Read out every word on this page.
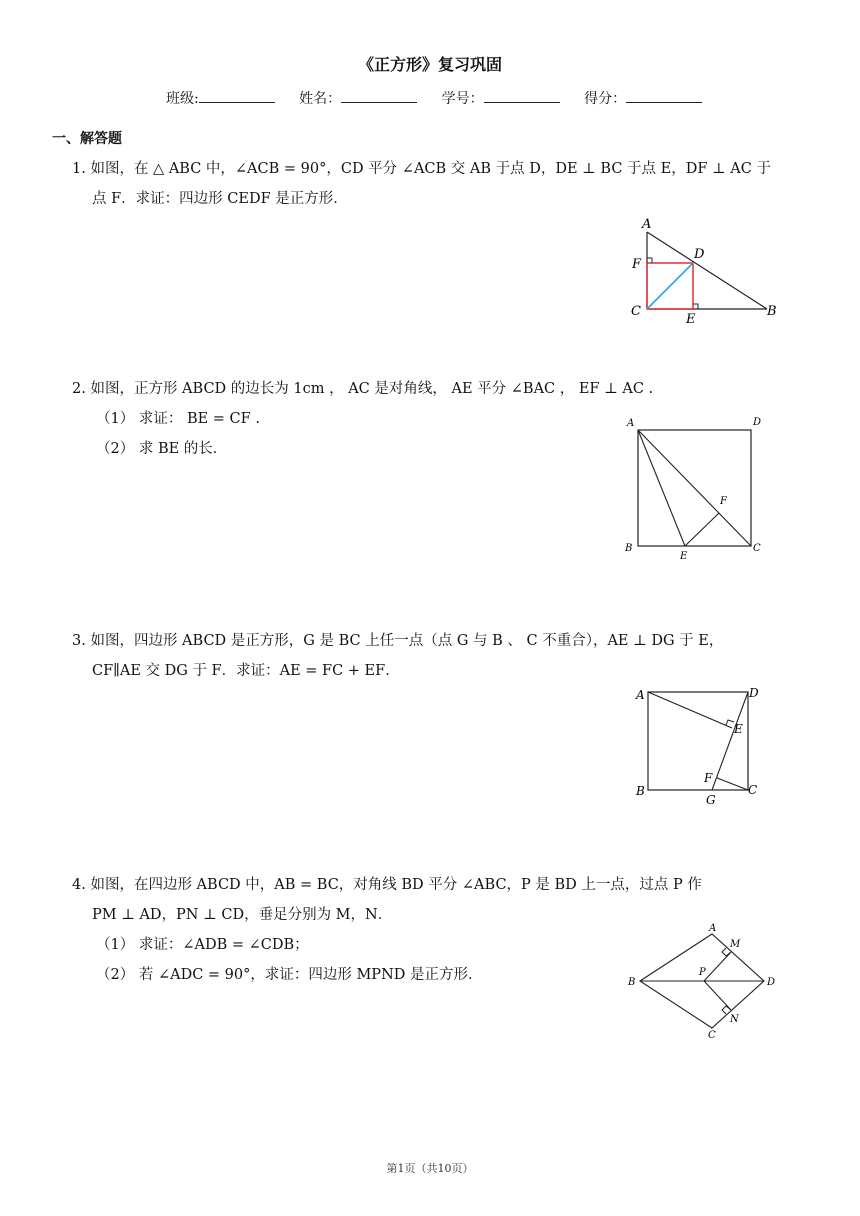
《正方形》复习巩固
班级:	姓名：	学号：	得分：
一、解答题
1. 如图，在 △ ABC 中，∠ACB = 90°，CD 平分 ∠ACB 交 AB 于点 D，DE ⊥ BC 于点 E，DF ⊥ AC 于
点 F．求证：四边形 CEDF 是正方形．
A
F
D
C
E
B
2. 如图，正方形 ABCD 的边长为 1cm ， AC 是对角线， AE 平分 ∠BAC ， EF ⊥ AC .
（1） 求证： BE = CF .
（2） 求 BE 的长．
A	D
F
B
E
C
3. 如图，四边形 ABCD 是正方形，G 是 BC 上任一点（点 G 与 B 、 C 不重合），AE ⊥ DG 于 E，
CF∥AE 交 DG 于 F．求证：AE = FC + EF．
A	D
E
F
B
G
C
4. 如图，在四边形 ABCD 中，AB = BC，对角线 BD 平分 ∠ABC，P 是 BD 上一点，过点 P 作
PM ⊥ AD，PN ⊥ CD，垂足分别为 M，N．
（1） 求证：∠ADB = ∠CDB；
（2） 若 ∠ADC = 90°，求证：四边形 MPND 是正方形．
A
M
P
B	D
N
C
第1页（共10页）
